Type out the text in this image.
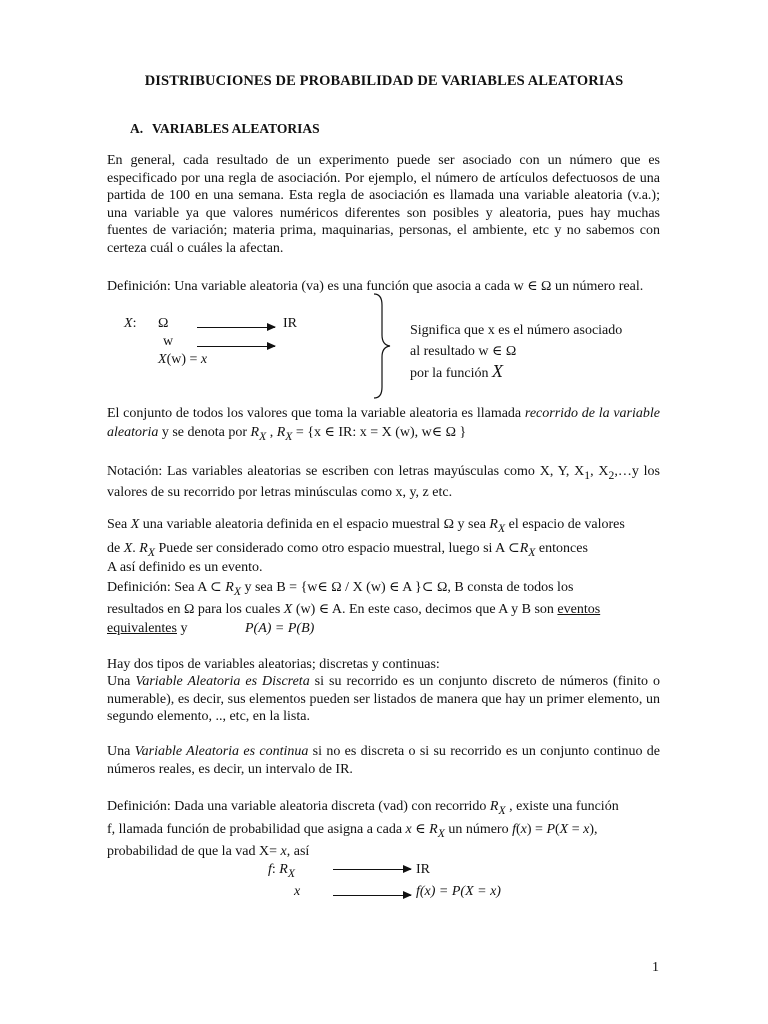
DISTRIBUCIONES DE PROBABILIDAD DE VARIABLES ALEATORIAS
A. VARIABLES ALEATORIAS
En general, cada resultado de un experimento puede ser asociado con un número que es especificado por una regla de asociación. Por ejemplo, el número de artículos defectuosos de una partida de 100 en una semana. Esta regla de asociación es llamada una variable aleatoria (v.a.); una variable ya que valores numéricos diferentes son posibles y aleatoria, pues hay muchas fuentes de variación; materia prima, maquinarias, personas, el ambiente, etc y no sabemos con certeza cuál o cuáles la afectan.
Definición: Una variable aleatoria (va) es una función que asocia a cada w ∈ Ω un número real.
X: Ω	IR
w
X(w) = x
Significa que x es el número asociado
al resultado w ∈ Ω
por la función X
El conjunto de todos los valores que toma la variable aleatoria es llamada recorrido de la variable aleatoria y se denota por $R_X$ , $R_X = \{x$ ∈ IR: x = X (w), w∈ Ω }
Notación: Las variables aleatorias se escriben con letras mayúsculas como X, Y, $X_1$, $X_2,\dots y$ los valores de su recorrido por letras minúsculas como x, y, z etc.
Sea X una variable aleatoria definida en el espacio muestral Ω y sea $R_X$ el espacio de valores
de X. $R_X$ Puede ser considerado como otro espacio muestral, luego si A $\subset R_X$ entonces
A así definido es un evento.
Definición: Sea A ⊂ $R_X$ y sea B = {w∈ Ω / X (w) ∈ A }⊂ Ω, B consta de todos los
resultados en Ω para los cuales X (w) ∈ A. En este caso, decimos que A y B son eventos
equivalentes y	P(A) = P(B)
Hay dos tipos de variables aleatorias; discretas y continuas:
Una Variable Aleatoria es Discreta si su recorrido es un conjunto discreto de números (finito o numerable), es decir, sus elementos pueden ser listados de manera que hay un primer elemento, un segundo elemento, .., etc, en la lista.
Una Variable Aleatoria es continua si no es discreta o si su recorrido es un conjunto continuo de números reales, es decir, un intervalo de IR.
Definición: Dada una variable aleatoria discreta (vad) con recorrido $R_X$ , existe una función
f, llamada función de probabilidad que asigna a cada x ∈ $R_X$ un número f(x) = P(X = x),
probabilidad de que la vad X= x, así
f: $R_X$	IR
x	f(x) = P(X = x)
1
